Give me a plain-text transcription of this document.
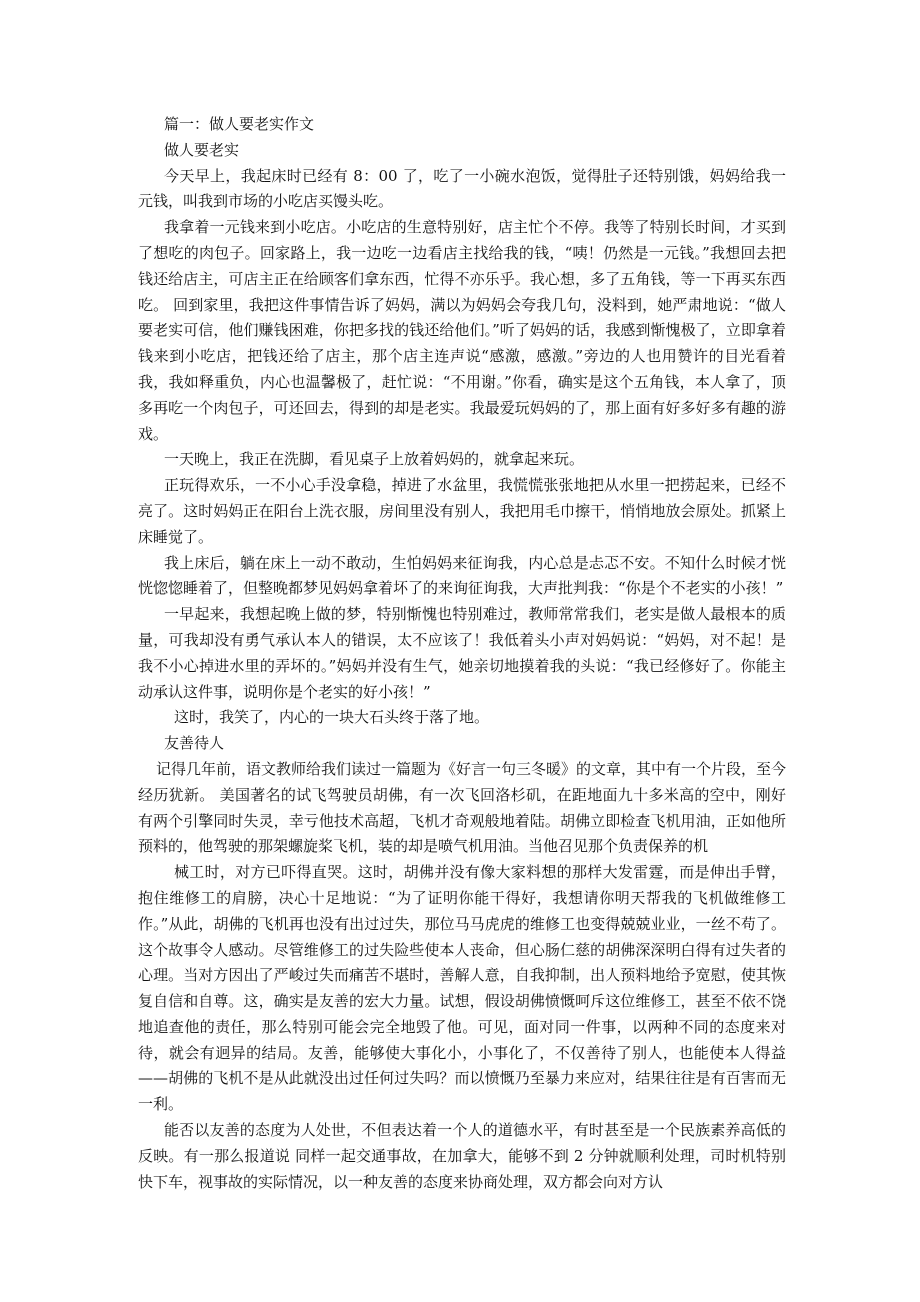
篇一：做人要老实作文

做人要老实

今天早上，我起床时已经有 8：00 了，吃了一小碗水泡饭，觉得肚子还特别饿，妈妈给我一元钱，叫我到市场的小吃店买馒头吃。

我拿着一元钱来到小吃店。小吃店的生意特别好，店主忙个不停。我等了特别长时间，才买到了想吃的肉包子。回家路上，我一边吃一边看店主找给我的钱，“咦！仍然是一元钱。”我想回去把钱还给店主，可店主正在给顾客们拿东西，忙得不亦乐乎。我心想，多了五角钱，等一下再买东西吃。 回到家里，我把这件事情告诉了妈妈，满以为妈妈会夸我几句，没料到，她严肃地说：“做人要老实可信，他们赚钱困难，你把多找的钱还给他们。”听了妈妈的话，我感到惭愧极了，立即拿着钱来到小吃店，把钱还给了店主，那个店主连声说“感激，感激。”旁边的人也用赞许的目光看着我，我如释重负，内心也温馨极了，赶忙说：“不用谢。”你看，确实是这个五角钱，本人拿了，顶多再吃一个肉包子，可还回去，得到的却是老实。我最爱玩妈妈的了，那上面有好多好多有趣的游戏。

一天晚上，我正在洗脚，看见桌子上放着妈妈的，就拿起来玩。

正玩得欢乐，一不小心手没拿稳，掉进了水盆里，我慌慌张张地把从水里一把捞起来，已经不亮了。这时妈妈正在阳台上洗衣服，房间里没有别人，我把用毛巾擦干，悄悄地放会原处。抓紧上床睡觉了。

我上床后，躺在床上一动不敢动，生怕妈妈来征询我，内心总是忐忑不安。不知什么时候才恍恍惚惚睡着了，但整晚都梦见妈妈拿着坏了的来询征询我，大声批判我：“你是个不老实的小孩！”

一早起来，我想起晚上做的梦，特别惭愧也特别难过，教师常常我们，老实是做人最根本的质量，可我却没有勇气承认本人的错误，太不应该了！我低着头小声对妈妈说：“妈妈，对不起！是我不小心掉进水里的弄坏的。”妈妈并没有生气，她亲切地摸着我的头说：“我已经修好了。你能主动承认这件事，说明你是个老实的好小孩！”

这时，我笑了，内心的一块大石头终于落了地。

友善待人

记得几年前，语文教师给我们读过一篇题为《好言一句三冬暖》的文章，其中有一个片段，至今经历犹新。 美国著名的试飞驾驶员胡佛，有一次飞回洛杉矶，在距地面九十多米高的空中，刚好有两个引擎同时失灵，幸亏他技术高超，飞机才奇观般地着陆。胡佛立即检查飞机用油，正如他所预料的，他驾驶的那架螺旋桨飞机，装的却是喷气机用油。当他召见那个负责保养的机

械工时，对方已吓得直哭。这时，胡佛并没有像大家料想的那样大发雷霆，而是伸出手臂，抱住维修工的肩膀，决心十足地说：“为了证明你能干得好，我想请你明天帮我的飞机做维修工作。”从此，胡佛的飞机再也没有出过过失，那位马马虎虎的维修工也变得兢兢业业，一丝不苟了。 这个故事令人感动。尽管维修工的过失险些使本人丧命，但心肠仁慈的胡佛深深明白得有过失者的心理。当对方因出了严峻过失而痛苦不堪时，善解人意，自我抑制，出人预料地给予宽慰，使其恢复自信和自尊。这，确实是友善的宏大力量。试想，假设胡佛愤慨呵斥这位维修工，甚至不依不饶地追查他的责任，那么特别可能会完全地毁了他。可见，面对同一件事，以两种不同的态度来对待，就会有迥异的结局。友善，能够使大事化小，小事化了，不仅善待了别人，也能使本人得益——胡佛的飞机不是从此就没出过任何过失吗？而以愤慨乃至暴力来应对，结果往往是有百害而无一利。

能否以友善的态度为人处世，不但表达着一个人的道德水平，有时甚至是一个民族素养高低的反映。有一那么报道说 同样一起交通事故，在加拿大，能够不到 2 分钟就顺利处理，司时机特别快下车，视事故的实际情况，以一种友善的态度来协商处理，双方都会向对方认
